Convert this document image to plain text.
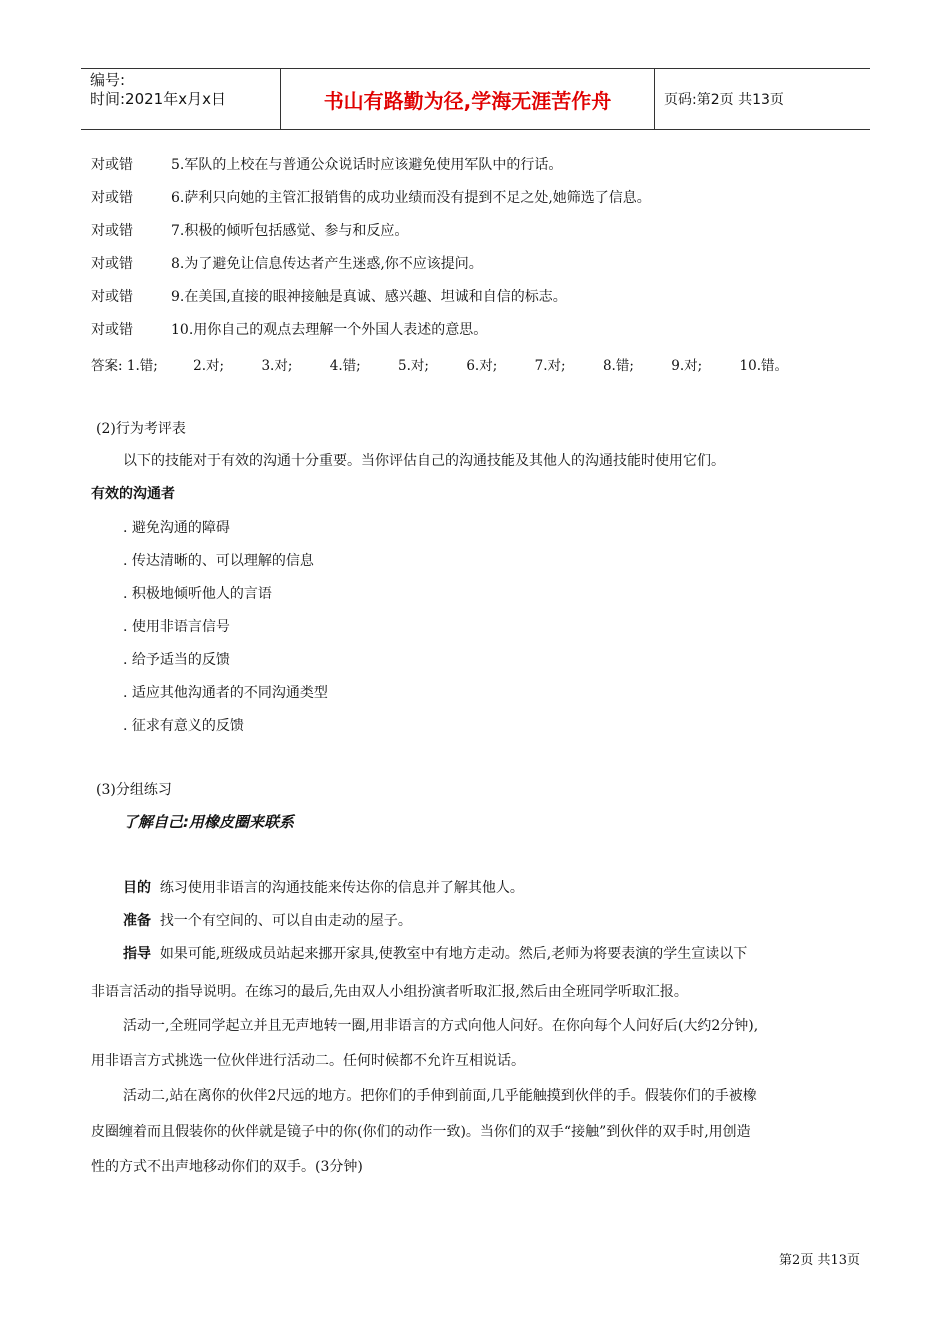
编号:
时间:2021年x月x日	书山有路勤为径,学海无涯苦作舟	页码:第2页 共13页
对或错	5.军队的上校在与普通公众说话时应该避免使用军队中的行话。
对或错	6.萨利只向她的主管汇报销售的成功业绩而没有提到不足之处,她筛选了信息。
对或错	7.积极的倾听包括感觉、参与和反应。
对或错	8.为了避免让信息传达者产生迷惑,你不应该提问。
对或错	9.在美国,直接的眼神接触是真诚、感兴趣、坦诚和自信的标志。
对或错	10.用你自己的观点去理解一个外国人表述的意思。
答案: 1.错;	2.对;	3.对;	4.错;	5.对;	6.对;	7.对;	8.错;	9.对;	10.错。
(2)行为考评表
以下的技能对于有效的沟通十分重要。当你评估自己的沟通技能及其他人的沟通技能时使用它们。
有效的沟通者
. 避免沟通的障碍
. 传达清晰的、可以理解的信息
. 积极地倾听他人的言语
. 使用非语言信号
. 给予适当的反馈
. 适应其他沟通者的不同沟通类型
. 征求有意义的反馈
(3)分组练习
了解自己:用橡皮圈来联系
目的 练习使用非语言的沟通技能来传达你的信息并了解其他人。
准备 找一个有空间的、可以自由走动的屋子。
指导 如果可能,班级成员站起来挪开家具,使教室中有地方走动。然后,老师为将要表演的学生宣读以下
非语言活动的指导说明。在练习的最后,先由双人小组扮演者听取汇报,然后由全班同学听取汇报。
活动一,全班同学起立并且无声地转一圈,用非语言的方式向他人问好。在你向每个人问好后(大约2分钟),
用非语言方式挑选一位伙伴进行活动二。任何时候都不允许互相说话。
活动二,站在离你的伙伴2尺远的地方。把你们的手伸到前面,几乎能触摸到伙伴的手。假装你们的手被橡
皮圈缠着而且假装你的伙伴就是镜子中的你(你们的动作一致)。当你们的双手“接触”到伙伴的双手时,用创造
性的方式不出声地移动你们的双手。(3分钟)
第2页 共13页
